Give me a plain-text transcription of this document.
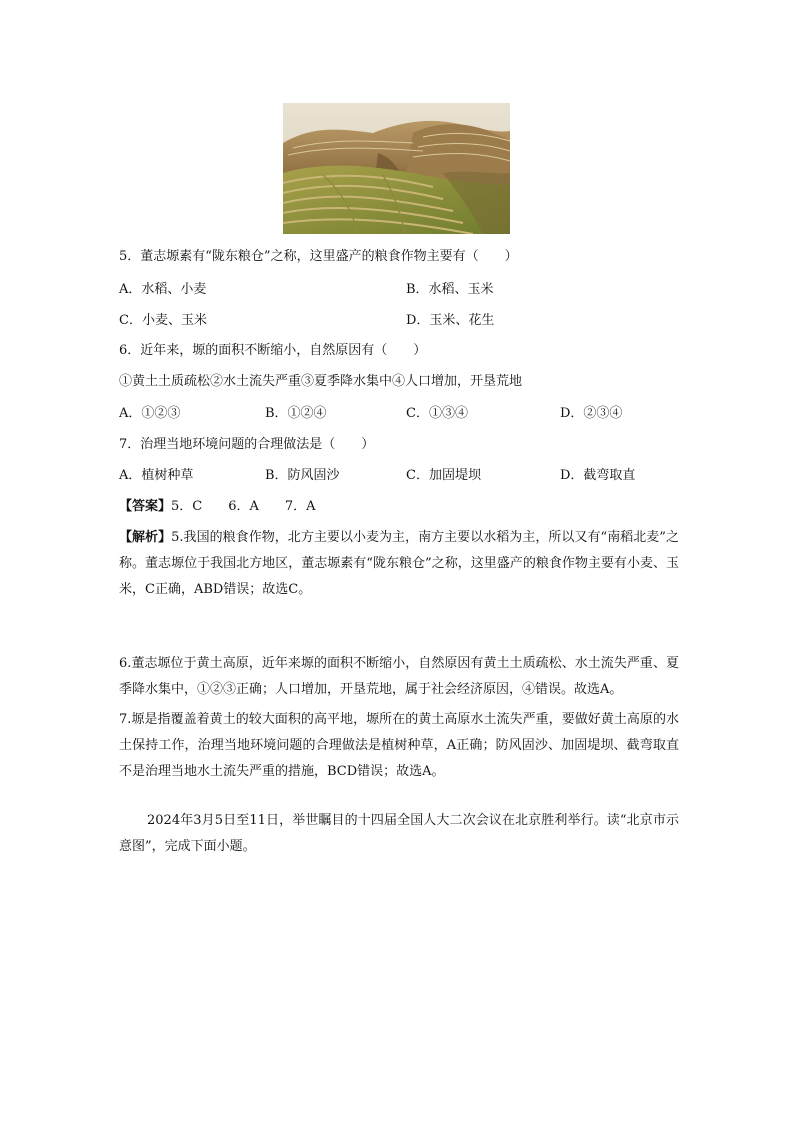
5．董志塬素有“陇东粮仓”之称，这里盛产的粮食作物主要有（　　）
A．水稻、小麦	B．水稻、玉米
C．小麦、玉米	D．玉米、花生
6．近年来，塬的面积不断缩小，自然原因有（　　）
①黄土土质疏松②水土流失严重③夏季降水集中④人口增加，开垦荒地
A．①②③	B．①②④	C．①③④	D．②③④
7．治理当地环境问题的合理做法是（　　）
A．植树种草	B．防风固沙	C．加固堤坝	D．截弯取直
【答案】5．C　　6．A　　7．A
【解析】5.我国的粮食作物，北方主要以小麦为主，南方主要以水稻为主，所以又有“南稻北麦”之称。董志塬位于我国北方地区，董志塬素有“陇东粮仓”之称，这里盛产的粮食作物主要有小麦、玉米，C正确，ABD错误；故选C。
6.董志塬位于黄土高原，近年来塬的面积不断缩小，自然原因有黄土土质疏松、水土流失严重、夏季降水集中，①②③正确；人口增加，开垦荒地，属于社会经济原因，④错误。故选A。
7.塬是指覆盖着黄土的较大面积的高平地，塬所在的黄土高原水土流失严重，要做好黄土高原的水土保持工作，治理当地环境问题的合理做法是植树种草，A正确；防风固沙、加固堤坝、截弯取直不是治理当地水土流失严重的措施，BCD错误；故选A。
2024年3月5日至11日，举世瞩目的十四届全国人大二次会议在北京胜利举行。读“北京市示意图”，完成下面小题。
